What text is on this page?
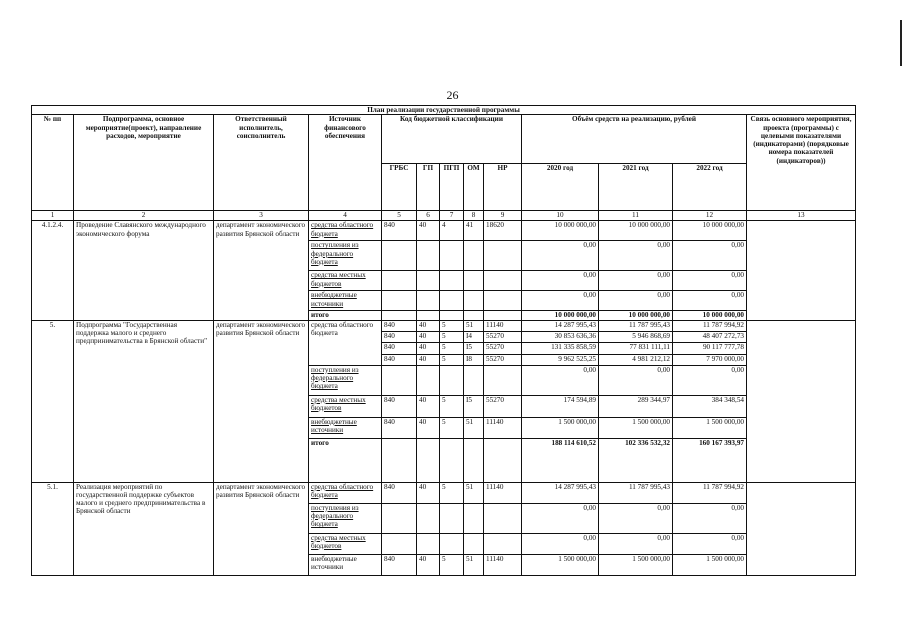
26
План реализации государственной программы												
№ пп	Подпрограмма, основное мероприятие(проект), направление расходов, мероприятие	Ответственный исполнитель, соисполнитель	Источник финансового обеспечения	Код бюджетной классификации					Объём средств на реализацию, рублей			Связь основного мероприятия, проекта (программы) с целевыми показателями (индикаторами) (порядковые номера показателей (индикаторов))
				ГРБС	ГП	ПГП	ОМ	НР	2020 год	2021 год	2022 год	
1	2	3	4	5	6	7	8	9	10	11	12	13
4.1.2.4.	Проведение Славянского международного экономического форума	департамент экономического развития Брянской области	средства областного бюджета	840	40	4	41	18620	10 000 000,00	10 000 000,00	10 000 000,00	
			поступления из федерального бюджета						0,00	0,00	0,00	
			средства местных бюджетов						0,00	0,00	0,00	
			внебюджетные источники						0,00	0,00	0,00	
			итого						10 000 000,00	10 000 000,00	10 000 000,00	
5.	Подпрограмма "Государственная поддержка малого и среднего предпринимательства в Брянской области"	департамент экономического развития Брянской области	средства областного бюджета	840	40	5	51	11140	14 287 995,43	11 787 995,43	11 787 994,92	
				840	40	5	I4	55270	30 853 636,36	5 946 868,69	48 407 272,73	
				840	40	5	I5	55270	131 335 858,59	77 831 111,11	90 117 777,78	
				840	40	5	I8	55270	9 962 525,25	4 981 212,12	7 970 000,00	
			поступления из федерального бюджета						0,00	0,00	0,00	
			средства местных бюджетов	840	40	5	I5	55270	174 594,89	289 344,97	384 348,54	
			внебюджетные источники	840	40	5	51	11140	1 500 000,00	1 500 000,00	1 500 000,00	
			итого						188 114 610,52	102 336 532,32	160 167 393,97	
5.1.	Реализация мероприятий по государственной поддержке субъектов малого и среднего предпринимательства в Брянской области	департамент экономического развития Брянской области	средства областного бюджета	840	40	5	51	11140	14 287 995,43	11 787 995,43	11 787 994,92	
			поступления из федерального бюджета						0,00	0,00	0,00	
			средства местных бюджетов						0,00	0,00	0,00	
			внебюджетные источники	840	40	5	51	11140	1 500 000,00	1 500 000,00	1 500 000,00	
